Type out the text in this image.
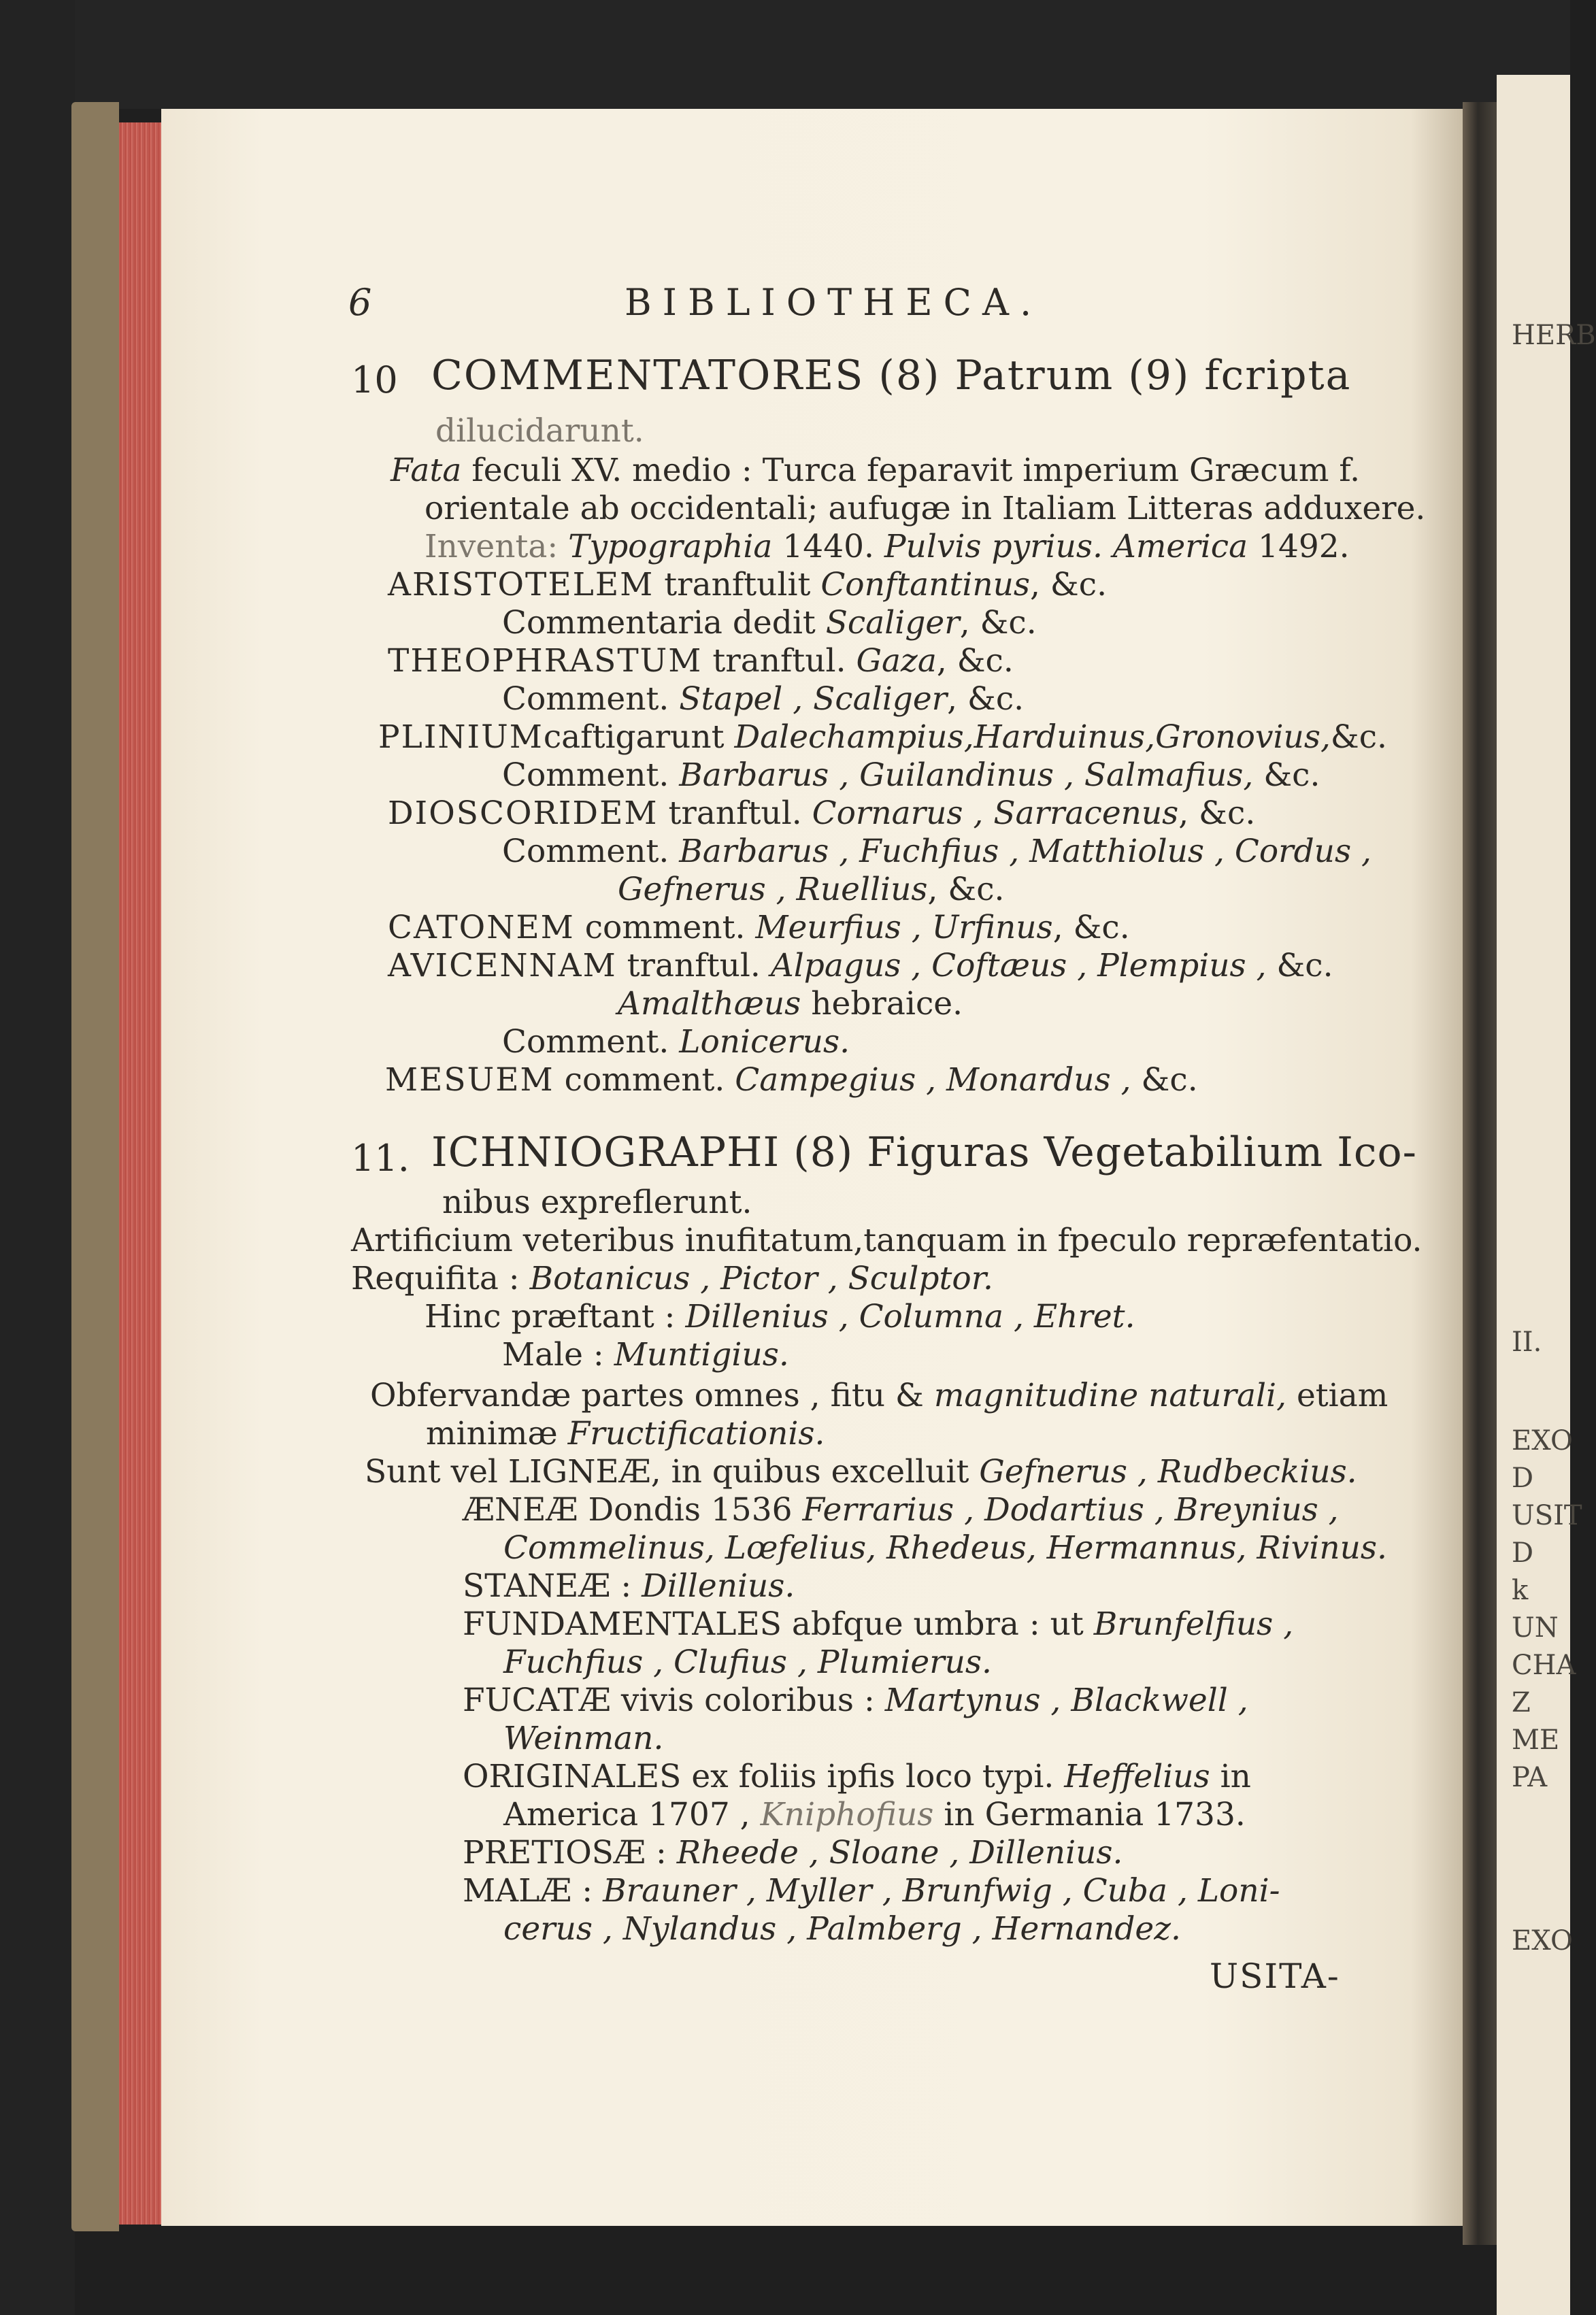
HERB
II.
EXO
D
USIT
D
k
UN
CHA
Z
ME
PA
EXO
6	BIBLIOTHECA.
10 COMMENTATORES (8) Patrum (9) fcripta
dilucidarunt.
Fata feculi XV. medio : Turca feparavit imperium Græcum f.
orientale ab occidentali; aufugæ in Italiam Litteras adduxere.
Inventa: Typographia 1440. Pulvis pyrius. America 1492.
ARISTOTELEM tranftulit Conftantinus, &c.
Commentaria dedit Scaliger, &c.
THEOPHRASTUM tranftul. Gaza, &c.
Comment. Stapel , Scaliger, &c.
PLINIUMcaftigarunt Dalechampius,Harduinus,Gronovius,&c.
Comment. Barbarus , Guilandinus , Salmafius, &c.
DIOSCORIDEM tranftul. Cornarus , Sarracenus, &c.
Comment. Barbarus , Fuchfius , Matthiolus , Cordus ,
Gefnerus , Ruellius, &c.
CATONEM comment. Meurfius , Urfinus, &c.
AVICENNAM tranftul. Alpagus , Coftæus , Plempius , &c.
Amalthæus hebraice.
Comment. Lonicerus.
MESUEM comment. Campegius , Monardus , &c.
11. ICHNIOGRAPHI (8) Figuras Vegetabilium Ico-
nibus expreflerunt.
Artificium veteribus inufitatum,tanquam in fpeculo repræfentatio.
Requifita : Botanicus , Pictor , Sculptor.
Hinc præftant : Dillenius , Columna , Ehret.
Male : Muntigius.
Obfervandæ partes omnes , fitu & magnitudine naturali, etiam
minimæ Fructificationis.
Sunt vel LIGNEÆ, in quibus excelluit Gefnerus , Rudbeckius.
ÆNEÆ Dondis 1536 Ferrarius , Dodartius , Breynius ,
Commelinus, Lœfelius, Rhedeus, Hermannus, Rivinus.
STANEÆ : Dillenius.
FUNDAMENTALES abfque umbra : ut Brunfelfius ,
Fuchfius , Clufius , Plumierus.
FUCATÆ vivis coloribus : Martynus , Blackwell ,
Weinman.
ORIGINALES ex foliis ipfis loco typi. Heffelius in
America 1707 , Kniphofius in Germania 1733.
PRETIOSÆ : Rheede , Sloane , Dillenius.
MALÆ : Brauner , Myller , Brunfwig , Cuba , Loni-
cerus , Nylandus , Palmberg , Hernandez.
USITA-
